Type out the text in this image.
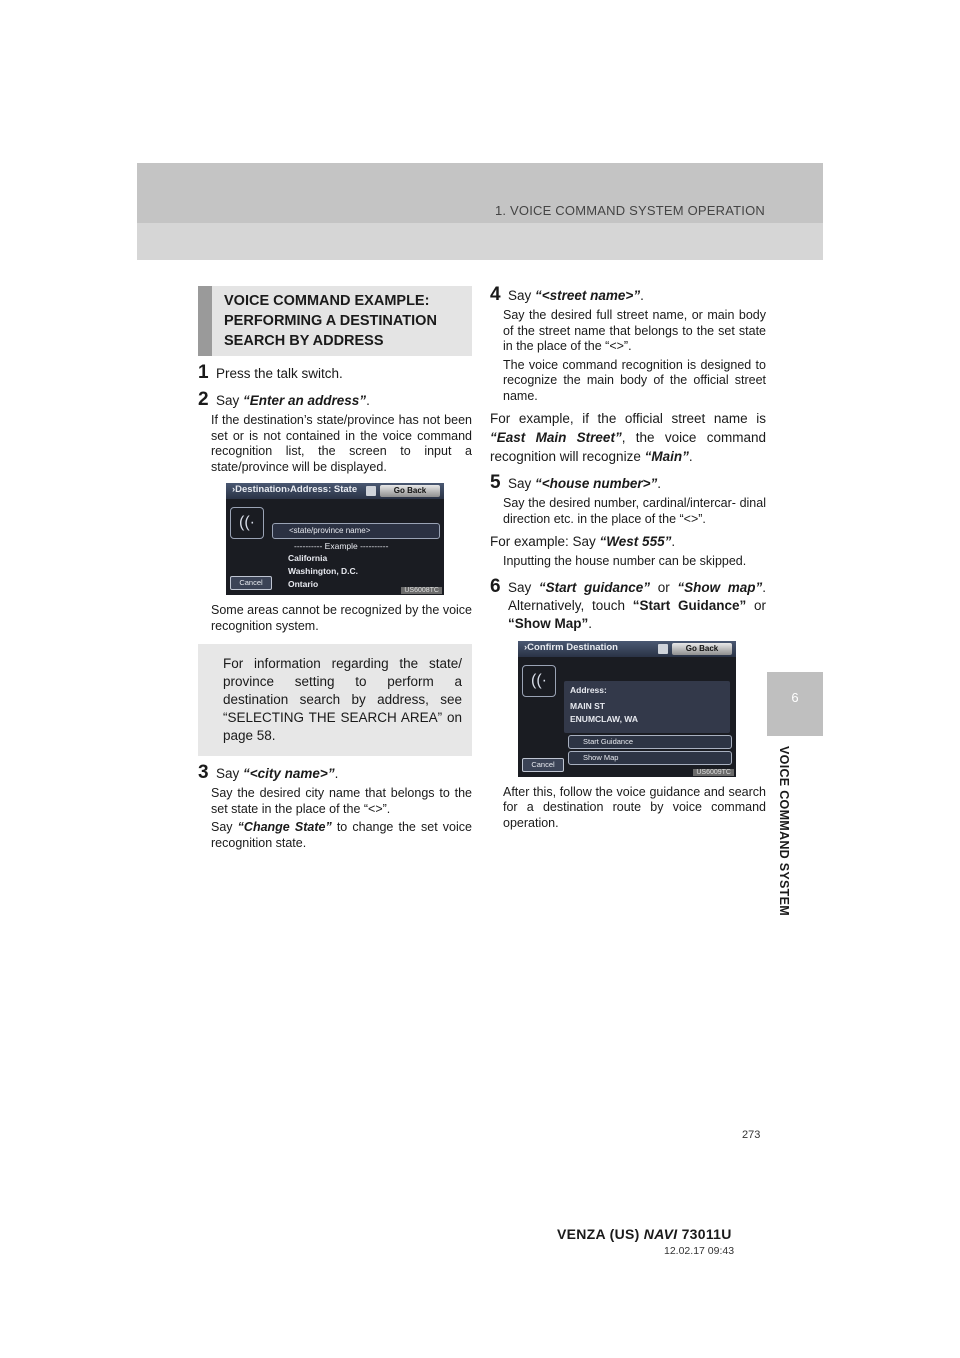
1. VOICE COMMAND SYSTEM OPERATION
6
VOICE COMMAND SYSTEM
VOICE COMMAND EXAMPLE: PERFORMING A DESTINATION SEARCH BY ADDRESS
1 Press the talk switch.
2 Say “Enter an address”.
If the destination’s state/province has not been set or is not contained in the voice command recognition list, the screen to input a state/province will be displayed.
›Destination›Address: State	Go Back
((·	<state/province name>
---------- Example ----------
California
Washington, D.C.
Ontario
Cancel
US6008TC
Some areas cannot be recognized by the voice recognition system.
For information regarding the state/ province setting to perform a destination search by address, see “SELECTING THE SEARCH AREA” on page 58.
3 Say “<city name>”.
Say the desired city name that belongs to the set state in the place of the “<>”.
Say “Change State” to change the set voice recognition state.
4 Say “<street name>”.
Say the desired full street name, or main body of the street name that belongs to the set state in the place of the “<>”.
The voice command recognition is designed to recognize the main body of the official street name.
For example, if the official street name is “East Main Street”, the voice command recognition will recognize “Main”.
5 Say “<house number>”.
Say the desired number, cardinal/intercar- dinal direction etc. in the place of the “<>”.
For example: Say “West 555”.
Inputting the house number can be skipped.
6 Say “Start guidance” or “Show map”. Alternatively, touch “Start Guidance” or “Show Map”.
›Confirm Destination	Go Back
((·
Address:
MAIN ST
ENUMCLAW, WA
Start Guidance
Show Map
Cancel
US6009TC
After this, follow the voice guidance and search for a destination route by voice command operation.
273
VENZA (US) NAVI 73011U
12.02.17 09:43
